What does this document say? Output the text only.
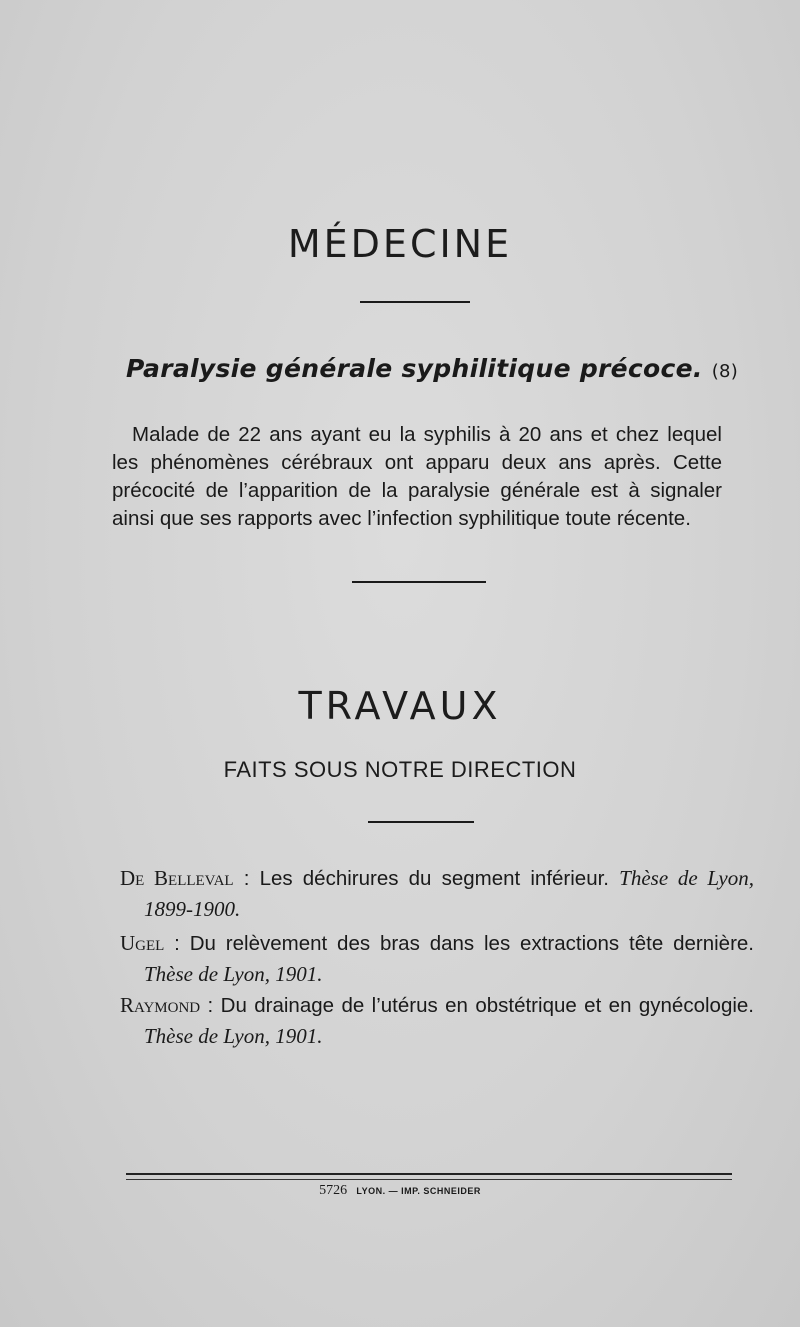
MÉDECINE
Paralysie générale syphilitique précoce. (8)
Malade de 22 ans ayant eu la syphilis à 20 ans et chez lequel les phénomènes cérébraux ont apparu deux ans après. Cette précocité de l’apparition de la paralysie générale est à signaler ainsi que ses rapports avec l’infection syphilitique toute récente.
TRAVAUX
FAITS SOUS NOTRE DIRECTION
De Belleval : Les déchirures du segment inférieur. Thèse de Lyon, 1899-1900.
Ugel : Du relèvement des bras dans les extractions tête dernière. Thèse de Lyon, 1901.
Raymond : Du drainage de l’utérus en obstétrique et en gynécologie. Thèse de Lyon, 1901.
5726 LYON. — IMP. SCHNEIDER
